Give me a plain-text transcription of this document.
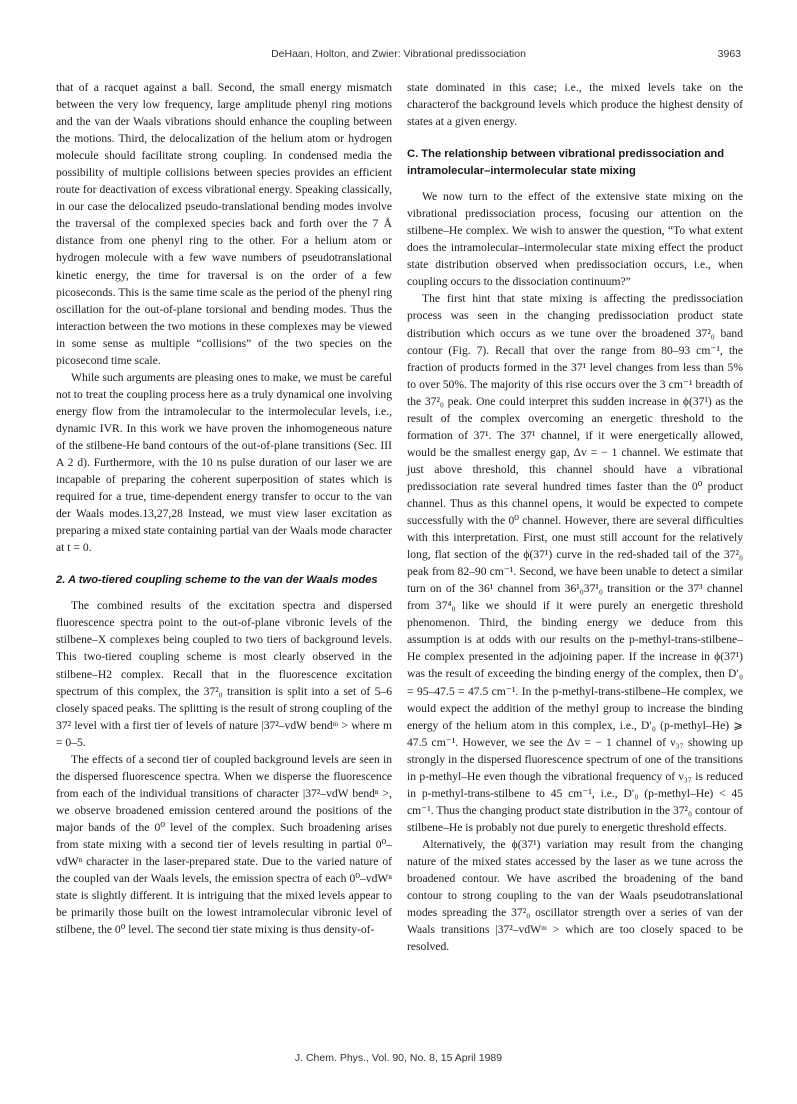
DeHaan, Holton, and Zwier: Vibrational predissociation	3963

that of a racquet against a ball. Second, the small energy mismatch between the very low frequency, large amplitude phenyl ring motions and the van der Waals vibrations should enhance the coupling between the motions. Third, the delocalization of the helium atom or hydrogen molecule should facilitate strong coupling. In condensed media the possibility of multiple collisions between species provides an efficient route for deactivation of excess vibrational energy. Speaking classically, in our case the delocalized pseudo-translational bending modes involve the traversal of the complexed species back and forth over the 7 Å distance from one phenyl ring to the other. For a helium atom or hydrogen molecule with a few wave numbers of pseudotranslational kinetic energy, the time for traversal is on the order of a few picoseconds. This is the same time scale as the period of the phenyl ring oscillation for the out-of-plane torsional and bending modes. Thus the interaction between the two motions in these complexes may be viewed in some sense as multiple “collisions” of the two species on the picosecond time scale.

While such arguments are pleasing ones to make, we must be careful not to treat the coupling process here as a truly dynamical one involving energy flow from the intramolecular to the intermolecular levels, i.e., dynamic IVR. In this work we have proven the inhomogeneous nature of the stilbene-He band contours of the out-of-plane transitions (Sec. III A 2 d). Furthermore, with the 10 ns pulse duration of our laser we are incapable of preparing the coherent superposition of states which is required for a true, time-dependent energy transfer to occur to the van der Waals modes.13,27,28 Instead, we must view laser excitation as preparing a mixed state containing partial van der Waals mode character at t = 0.

2. A two-tiered coupling scheme to the van der Waals modes

The combined results of the excitation spectra and dispersed fluorescence spectra point to the out-of-plane vibronic levels of the stilbene–X complexes being coupled to two tiers of background levels. This two-tiered coupling scheme is most clearly observed in the stilbene–H2 complex. Recall that in the fluorescence excitation spectrum of this complex, the 37²₀ transition is split into a set of 5–6 closely spaced peaks. The splitting is the result of strong coupling of the 37² level with a first tier of levels of nature |37²–vdW bendᵐ > where m = 0–5.

The effects of a second tier of coupled background levels are seen in the dispersed fluorescence spectra. When we disperse the fluorescence from each of the individual transitions of character |37²–vdW bendⁿ >, we observe broadened emission centered around the positions of the major bands of the 0⁰ level of the complex. Such broadening arises from state mixing with a second tier of levels resulting in partial 0⁰–vdWⁿ character in the laser-prepared state. Due to the varied nature of the coupled van der Waals levels, the emission spectra of each 0⁰–vdWⁿ state is slightly different. It is intriguing that the mixed levels appear to be primarily those built on the lowest intramolecular vibronic level of stilbene, the 0⁰ level. The second tier state mixing is thus density-of-

state dominated in this case; i.e., the mixed levels take on the characterof the background levels which produce the highest density of states at a given energy.

C. The relationship between vibrational predissociation and intramolecular–intermolecular state mixing

We now turn to the effect of the extensive state mixing on the vibrational predissociation process, focusing our attention on the stilbene–He complex. We wish to answer the question, “To what extent does the intramolecular–intermolecular state mixing effect the product state distribution observed when predissociation occurs, i.e., when coupling occurs to the dissociation continuum?”

The first hint that state mixing is affecting the predissociation process was seen in the changing predissociation product state distribution which occurs as we tune over the broadened 37²₀ band contour (Fig. 7). Recall that over the range from 80–93 cm⁻¹, the fraction of products formed in the 37¹ level changes from less than 5% to over 50%. The majority of this rise occurs over the 3 cm⁻¹ breadth of the 37²₀ peak. One could interpret this sudden increase in ϕ(37¹) as the result of the complex overcoming an energetic threshold to the formation of 37¹. The 37¹ channel, if it were energetically allowed, would be the smallest energy gap, Δv = − 1 channel. We estimate that just above threshold, this channel should have a vibrational predissociation rate several hundred times faster than the 0⁰ product channel. Thus as this channel opens, it would be expected to compete successfully with the 0⁰ channel. However, there are several difficulties with this interpretation. First, one must still account for the relatively long, flat section of the ϕ(37¹) curve in the red-shaded tail of the 37²₀ peak from 82–90 cm⁻¹. Second, we have been unable to detect a similar turn on of the 36¹ channel from 36¹₀37¹₀ transition or the 37³ channel from 37⁴₀ like we should if it were purely an energetic threshold phenomenon. Third, the binding energy we deduce from this assumption is at odds with our results on the p-methyl-trans-stilbene–He complex presented in the adjoining paper. If the increase in ϕ(37¹) was the result of exceeding the binding energy of the complex, then D′₀ = 95–47.5 = 47.5 cm⁻¹. In the p-methyl-trans-stilbene–He complex, we would expect the addition of the methyl group to increase the binding energy of the helium atom in this complex, i.e., D′₀ (p-methyl–He) ⩾ 47.5 cm⁻¹. However, we see the Δv = − 1 channel of ν₃₇ showing up strongly in the dispersed fluorescence spectrum of one of the transitions in p-methyl–He even though the vibrational frequency of ν₃₇ is reduced in p-methyl-trans-stilbene to 45 cm⁻¹, i.e., D′₀ (p-methyl–He) < 45 cm⁻¹. Thus the changing product state distribution in the 37²₀ contour of stilbene–He is probably not due purely to energetic threshold effects.

Alternatively, the ϕ(37¹) variation may result from the changing nature of the mixed states accessed by the laser as we tune across the broadened contour. We have ascribed the broadening of the band contour to strong coupling to the van der Waals pseudotranslational modes spreading the 37²₀ oscillator strength over a series of van der Waals transitions |37²–vdWᵐ > which are too closely spaced to be resolved.

J. Chem. Phys., Vol. 90, No. 8, 15 April 1989
